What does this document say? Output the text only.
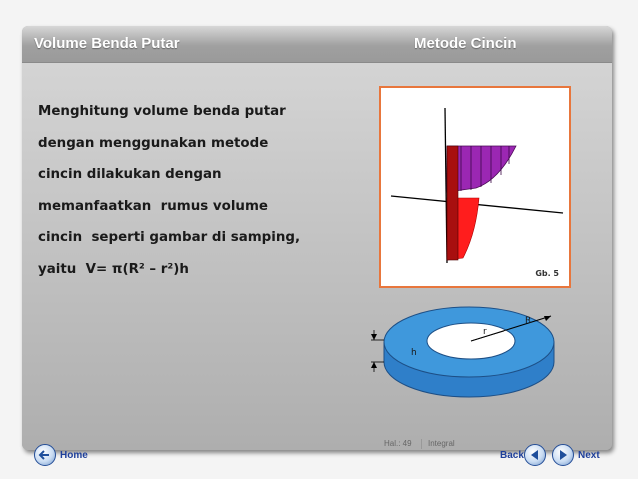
Volume Benda Putar	Metode Cincin
Menghitung volume benda putar
dengan menggunakan metode
cincin dilakukan dengan
memanfaatkan  rumus volume
cincin  seperti gambar di samping,
yaitu  V= π(R² – r²)h	Gb. 5
R
r
h
Home	Back	Next
Hal.: 49 Integral
